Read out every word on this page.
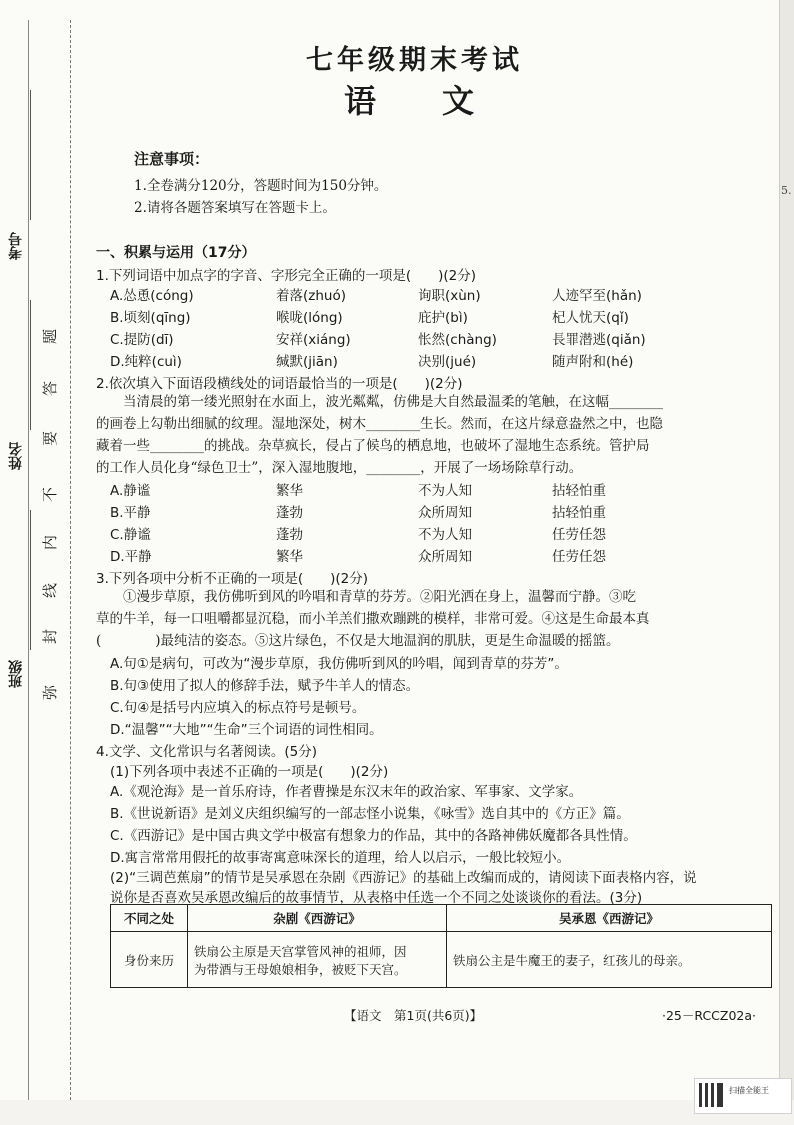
5.
考号
姓名
班级
弥
封
线
内
不
要
答
题
七年级期末考试
语 文
注意事项：
1.全卷满分120分，答题时间为150分钟。
2.请将各题答案填写在答题卡上。
一、积累与运用（17分）
1.下列词语中加点字的字音、字形完全正确的一项是(　　)(2分)
A.怂恿(cóng)	着落(zhuó)	询职(xùn)	人迹罕至(hǎn)
B.顷刻(qīng)	喉咙(lóng)	庇护(bì)	杞人忧天(qǐ)
C.提防(dī)	安祥(xiáng)	怅然(chàng)	長罪潜逃(qiǎn)
D.纯粹(cuì)	缄默(jiān)	决别(jué)	随声附和(hé)
2.依次填入下面语段横线处的词语最恰当的一项是(　　)(2分)
　　当清晨的第一缕光照射在水面上，波光粼粼，仿佛是大自然最温柔的笔触，在这幅________
的画卷上勾勒出细腻的纹理。湿地深处，树木________生长。然而，在这片绿意盎然之中，也隐
藏着一些________的挑战。杂草疯长，侵占了候鸟的栖息地，也破坏了湿地生态系统。管护局
的工作人员化身“绿色卫士”，深入湿地腹地，________，开展了一场场除草行动。
A.静谧	繁华	不为人知	拈轻怕重
B.平静	蓬勃	众所周知	拈轻怕重
C.静谧	蓬勃	不为人知	任劳任怨
D.平静	繁华	众所周知	任劳任怨
3.下列各项中分析不正确的一项是(　　)(2分)
　　①漫步草原，我仿佛听到风的吟唱和青草的芬芳。②阳光洒在身上，温馨而宁静。③吃
草的牛羊，每一口咀嚼都显沉稳，而小羊羔们撒欢蹦跳的模样，非常可爱。④这是生命最本真
(　　　　)最纯洁的姿态。⑤这片绿色，不仅是大地温润的肌肤，更是生命温暖的摇篮。
A.句①是病句，可改为“漫步草原，我仿佛听到风的吟唱，闻到青草的芬芳”。
B.句③使用了拟人的修辞手法，赋予牛羊人的情态。
C.句④是括号内应填入的标点符号是顿号。
D.“温馨”“大地”“生命”三个词语的词性相同。
4.文学、文化常识与名著阅读。(5分)
(1)下列各项中表述不正确的一项是(　　)(2分)
A.《观沧海》是一首乐府诗，作者曹操是东汉末年的政治家、军事家、文学家。
B.《世说新语》是刘义庆组织编写的一部志怪小说集，《咏雪》选自其中的《方正》篇。
C.《西游记》是中国古典文学中极富有想象力的作品，其中的各路神佛妖魔都各具性情。
D.寓言常常用假托的故事寄寓意味深长的道理，给人以启示，一般比较短小。
(2)“三调芭蕉扇”的情节是吴承恩在杂剧《西游记》的基础上改编而成的，请阅读下面表格内容，说
说你是否喜欢吴承恩改编后的故事情节，从表格中任选一个不同之处谈谈你的看法。(3分)
不同之处	杂剧《西游记》	吴承恩《西游记》
身份来历	铁扇公主原是天宫掌管风神的祖师，因
为带酒与王母娘娘相争，被贬下天宫。	铁扇公主是牛魔王的妻子，红孩儿的母亲。
【语文　第1页(共6页)】	·25－RCCZ02a·
扫描全能王
